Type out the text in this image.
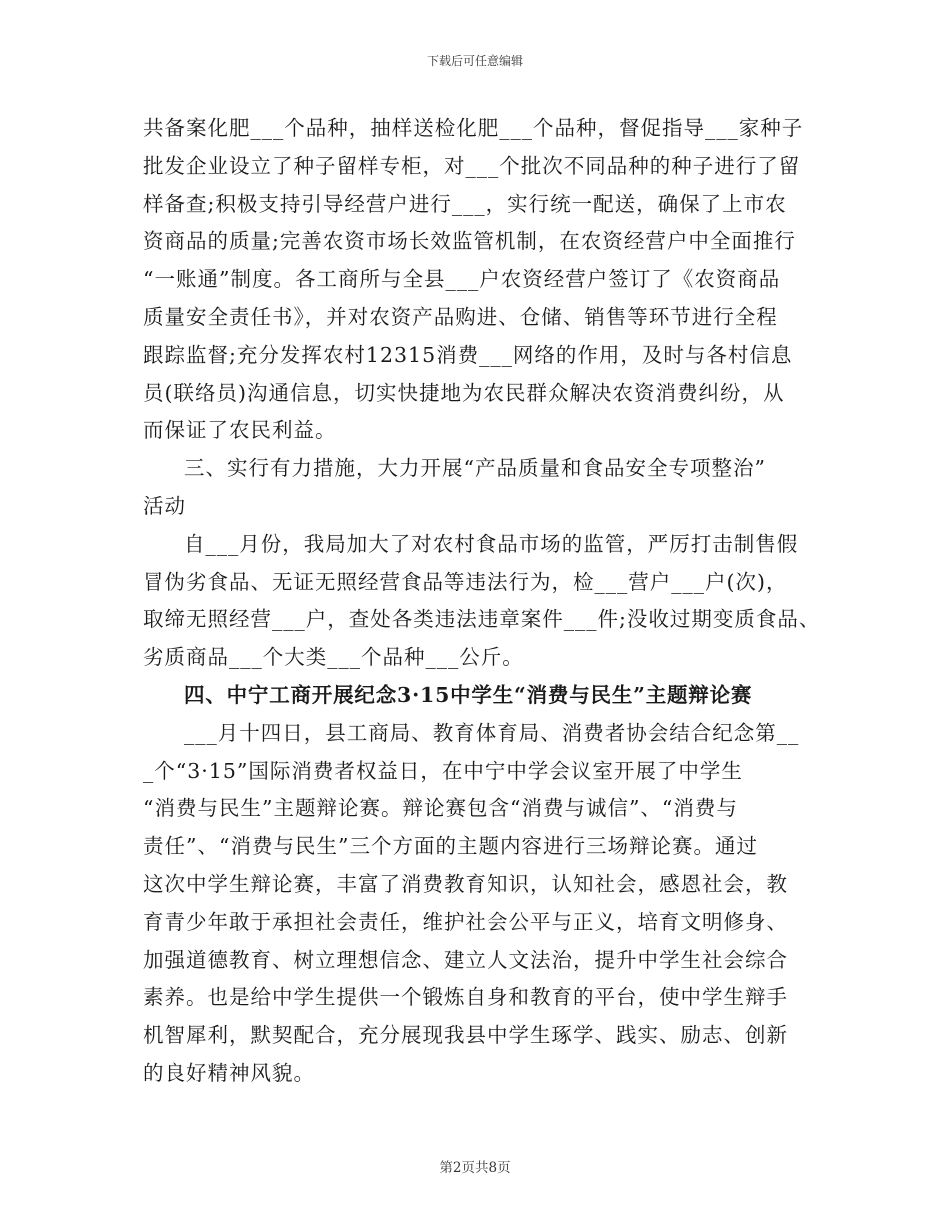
下载后可任意编辑
共备案化肥___个品种，抽样送检化肥___个品种，督促指导___家种子
批发企业设立了种子留样专柜，对___个批次不同品种的种子进行了留
样备查;积极支持引导经营户进行___，实行统一配送，确保了上市农
资商品的质量;完善农资市场长效监管机制，在农资经营户中全面推行
“一账通”制度。各工商所与全县___户农资经营户签订了《农资商品
质量安全责任书》，并对农资产品购进、仓储、销售等环节进行全程
跟踪监督;充分发挥农村12315消费___网络的作用，及时与各村信息
员(联络员)沟通信息，切实快捷地为农民群众解决农资消费纠纷，从
而保证了农民利益。
三、实行有力措施，大力开展“产品质量和食品安全专项整治”
活动
自___月份，我局加大了对农村食品市场的监管，严厉打击制售假
冒伪劣食品、无证无照经营食品等违法行为，检___营户___户(次)，
取缔无照经营___户，查处各类违法违章案件___件;没收过期变质食品、
劣质商品___个大类___个品种___公斤。
四、中宁工商开展纪念3·15中学生“消费与民生”主题辩论赛
___月十四日，县工商局、教育体育局、消费者协会结合纪念第__
_个“3·15”国际消费者权益日，在中宁中学会议室开展了中学生
“消费与民生”主题辩论赛。辩论赛包含“消费与诚信”、“消费与
责任”、“消费与民生”三个方面的主题内容进行三场辩论赛。通过
这次中学生辩论赛，丰富了消费教育知识，认知社会，感恩社会，教
育青少年敢于承担社会责任，维护社会公平与正义，培育文明修身、
加强道德教育、树立理想信念、建立人文法治，提升中学生社会综合
素养。也是给中学生提供一个锻炼自身和教育的平台，使中学生辩手
机智犀利，默契配合，充分展现我县中学生琢学、践实、励志、创新
的良好精神风貌。
第2页共8页
